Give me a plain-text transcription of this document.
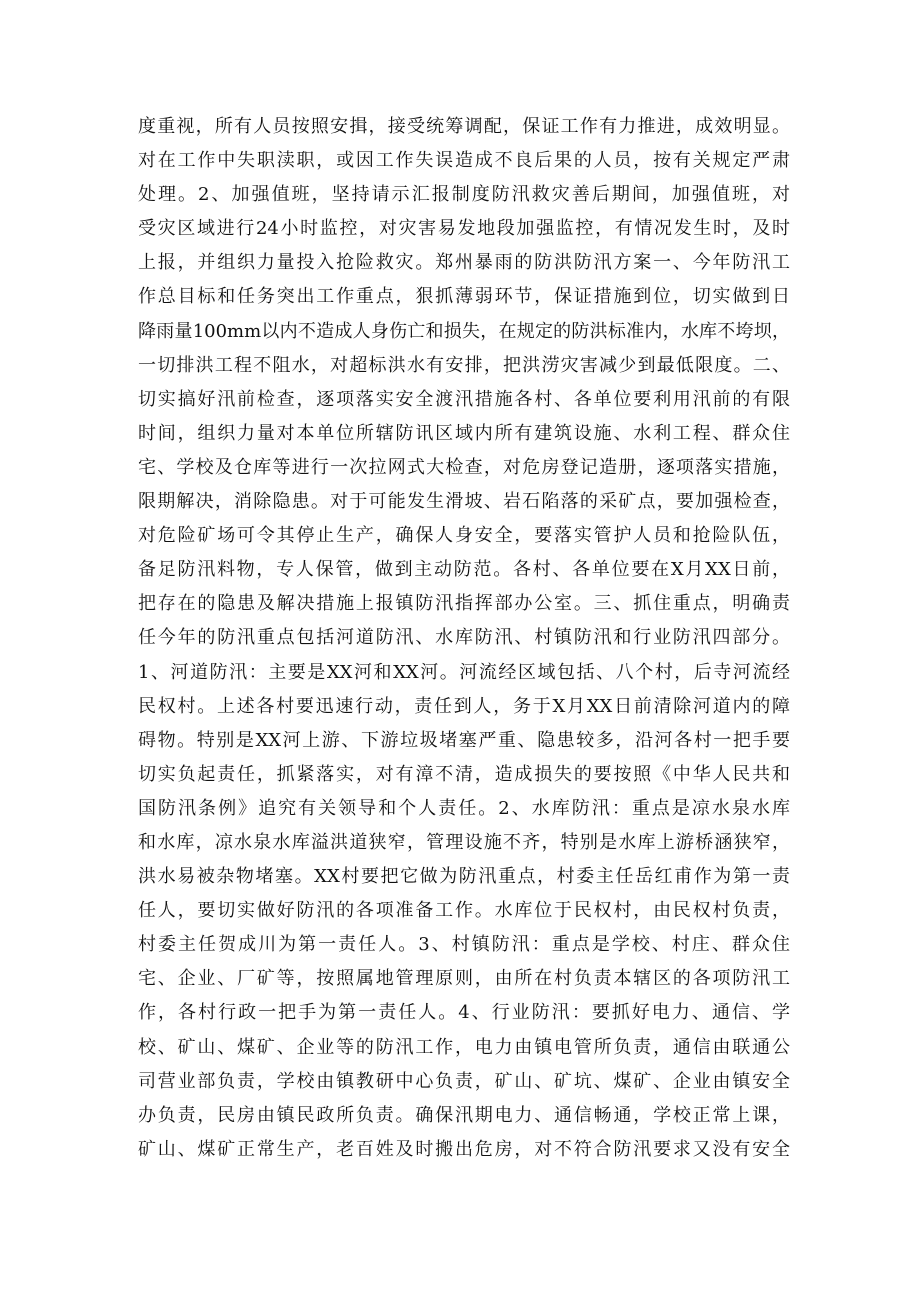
度重视，所有人员按照安揖，接受统筹调配，保证工作有力推进，成效明显。
对在工作中失职渎职，或因工作失误造成不良后果的人员，按有关规定严肃
处理。2、加强值班，坚持请示汇报制度防汛救灾善后期间，加强值班，对
受灾区域进行24小时监控，对灾害易发地段加强监控，有情况发生时，及时
上报，并组织力量投入抢险救灾。郑州暴雨的防洪防汛方案一、今年防汛工
作总目标和任务突出工作重点，狠抓薄弱环节，保证措施到位，切实做到日
降雨量100mm以内不造成人身伤亡和损失，在规定的防洪标准内，水库不垮坝，
一切排洪工程不阻水，对超标洪水有安排，把洪涝灾害减少到最低限度。二、
切实搞好汛前检查，逐项落实安全渡汛措施各村、各单位要利用汛前的有限
时间，组织力量对本单位所辖防讯区域内所有建筑设施、水利工程、群众住
宅、学校及仓库等进行一次拉网式大检查，对危房登记造册，逐项落实措施，
限期解决，消除隐患。对于可能发生滑坡、岩石陷落的采矿点，要加强检查，
对危险矿场可令其停止生产，确保人身安全，要落实管护人员和抢险队伍，
备足防汛料物，专人保管，做到主动防范。各村、各单位要在X月XX日前，
把存在的隐患及解决措施上报镇防汛指挥部办公室。三、抓住重点，明确责
任今年的防汛重点包括河道防汛、水库防汛、村镇防汛和行业防汛四部分。
1、河道防汛：主要是XX河和XX河。河流经区域包括、八个村，后寺河流经
民权村。上述各村要迅速行动，责任到人，务于X月XX日前清除河道内的障
碍物。特别是XX河上游、下游垃圾堵塞严重、隐患较多，沿河各村一把手要
切实负起责任，抓紧落实，对有漳不清，造成损失的要按照《中华人民共和
国防汛条例》追究有关领导和个人责任。2、水库防汛：重点是凉水泉水库
和水库，凉水泉水库溢洪道狭窄，管理设施不齐，特别是水库上游桥涵狭窄，
洪水易被杂物堵塞。XX村要把它做为防汛重点，村委主任岳红甫作为第一责
任人，要切实做好防汛的各项准备工作。水库位于民权村，由民权村负责，
村委主任贺成川为第一责任人。3、村镇防汛：重点是学校、村庄、群众住
宅、企业、厂矿等，按照属地管理原则，由所在村负责本辖区的各项防汛工
作，各村行政一把手为第一责任人。4、行业防汛：要抓好电力、通信、学
校、矿山、煤矿、企业等的防汛工作，电力由镇电管所负责，通信由联通公
司营业部负责，学校由镇教研中心负责，矿山、矿坑、煤矿、企业由镇安全
办负责，民房由镇民政所负责。确保汛期电力、通信畅通，学校正常上课，
矿山、煤矿正常生产，老百姓及时搬出危房，对不符合防汛要求又没有安全
